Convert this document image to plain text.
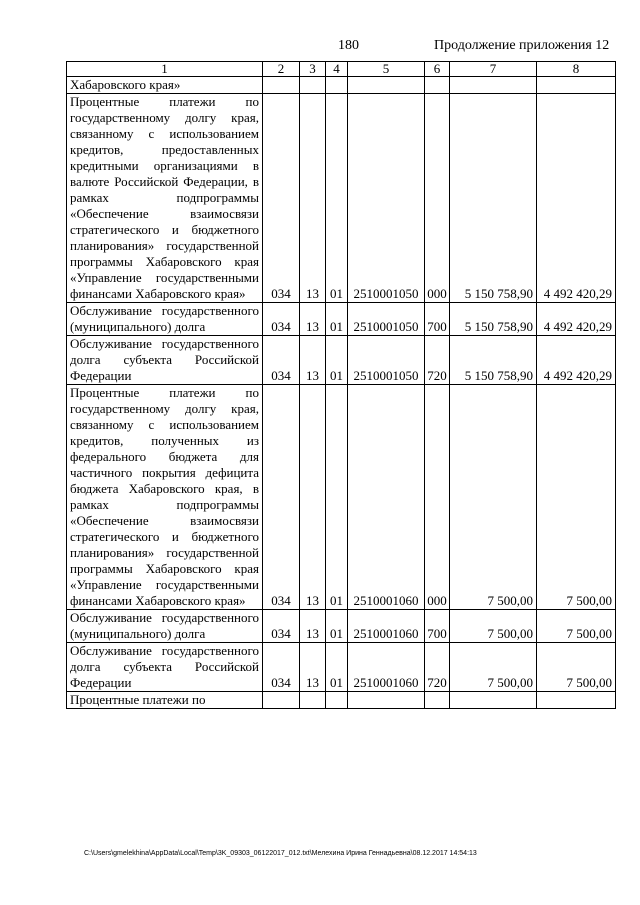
180	Продолжение приложения 12
1	2	3	4	5	6	7	8
Хабаровского края»							
Процентные платежи по государственному долгу края, связанному с использованием кредитов, предоставленных кредитными организациями в валюте Российской Федерации, в рамках подпрограммы «Обеспечение взаимосвязи стратегического и бюджетного планирования» государственной программы Хабаровского края «Управление государственными финансами Хабаровского края»	034	13	01	2510001050	000	5 150 758,90	4 492 420,29
Обслуживание государственного (муниципального) долга	034	13	01	2510001050	700	5 150 758,90	4 492 420,29
Обслуживание государственного долга субъекта Российской Федерации	034	13	01	2510001050	720	5 150 758,90	4 492 420,29
Процентные платежи по государственному долгу края, связанному с использованием кредитов, полученных из федерального бюджета для частичного покрытия дефицита бюджета Хабаровского края, в рамках подпрограммы «Обеспечение взаимосвязи стратегического и бюджетного планирования» государственной программы Хабаровского края «Управление государственными финансами Хабаровского края»	034	13	01	2510001060	000	7 500,00	7 500,00
Обслуживание государственного (муниципального) долга	034	13	01	2510001060	700	7 500,00	7 500,00
Обслуживание государственного долга субъекта Российской Федерации	034	13	01	2510001060	720	7 500,00	7 500,00
Процентные платежи по							
C:\Users\gmelekhina\AppData\Local\Temp\3K_09303_06122017_012.txt\Мелехина Ирина Геннадьевна\08.12.2017 14:54:13
